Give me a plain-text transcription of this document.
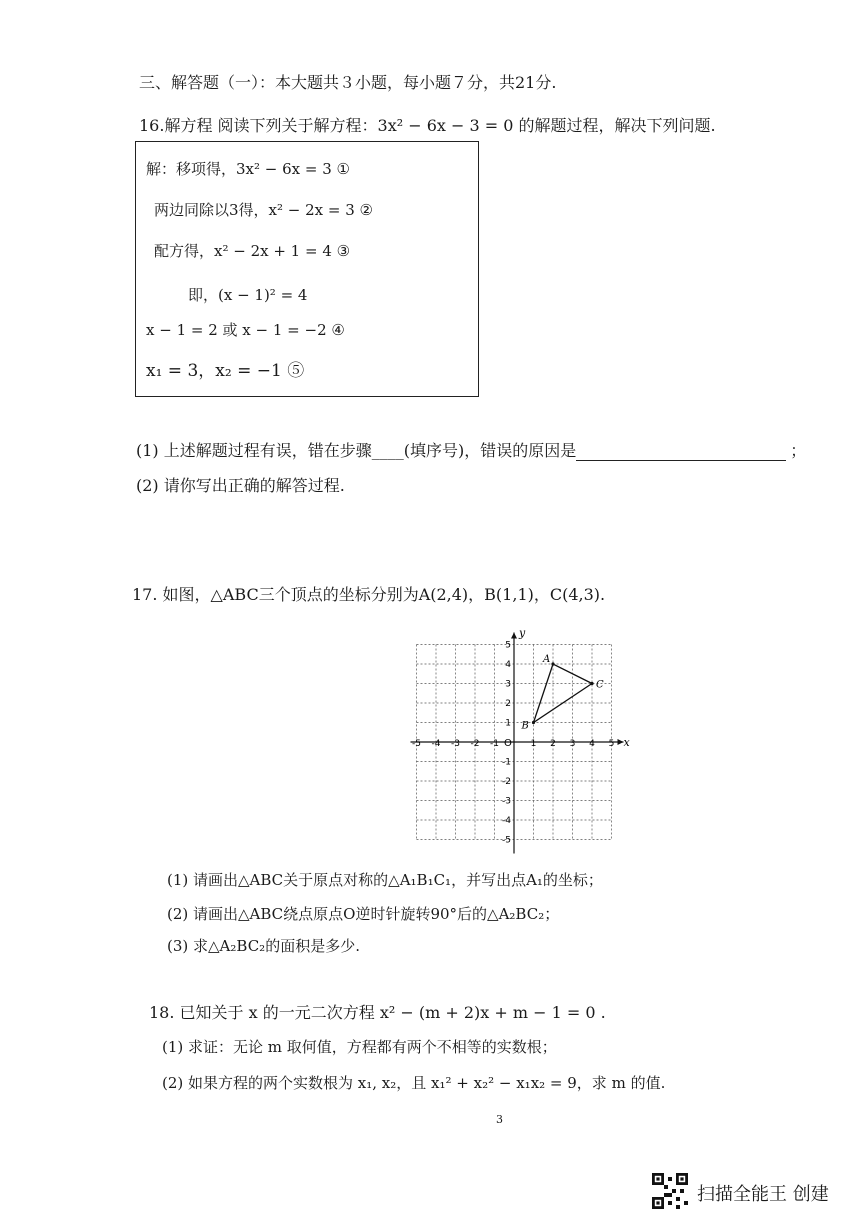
三、解答题（一）：本大题共３小题，每小题７分，共21分.
16.解方程 阅读下列关于解方程：3x² − 6x − 3 = 0 的解题过程，解决下列问题.
解：移项得，3x² − 6x = 3 ①
两边同除以3得，x² − 2x = 3 ②
配方得，x² − 2x + 1 = 4 ③
即，(x − 1)² = 4
x − 1 = 2 或 x − 1 = −2 ④
x₁ = 3，x₂ = −1 ⑤
(1) 上述解题过程有误，错在步骤____(填序号)，错误的原因是	；
(2) 请你写出正确的解答过程.
17. 如图，△ABC三个顶点的坐标分别为A(2,4)，B(1,1)，C(4,3).
-5 -4 -3 -2 -1	1 2 3 4 5
5
4
3
2
1
-1
-2
-3
-4
-5
A
B
C
x
y
O
(1) 请画出△ABC关于原点对称的△A₁B₁C₁，并写出点A₁的坐标；
(2) 请画出△ABC绕点原点O逆时针旋转90°后的△A₂BC₂；
(3) 求△A₂BC₂的面积是多少.
18. 已知关于 x 的一元二次方程 x² − (m + 2)x + m − 1 = 0 .
(1) 求证：无论 m 取何值，方程都有两个不相等的实数根；
(2) 如果方程的两个实数根为 x₁, x₂，且 x₁² + x₂² − x₁x₂ = 9，求 m 的值.
3
扫描全能王 创建
